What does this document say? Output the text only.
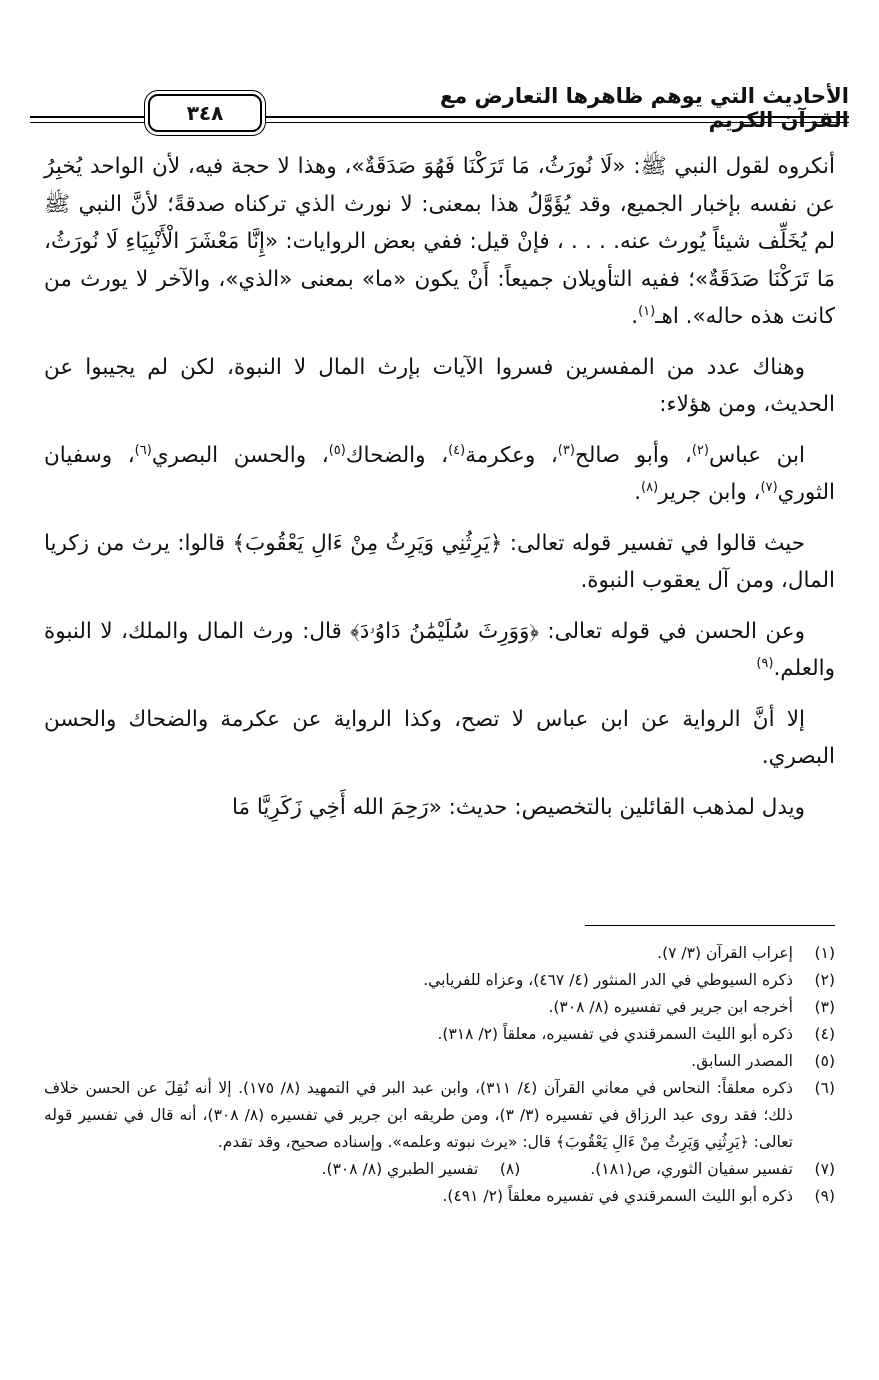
٣٤٨
الأحاديث التي يوهم ظاهرها التعارض مع القرآن الكريم

أنكروه لقول النبي ﷺ: «لَا نُورَثُ، مَا تَرَكْنَا فَهُوَ صَدَقَةٌ»، وهذا لا حجة فيه، لأن الواحد يُخبِرُ عن نفسه بإخبار الجميع، وقد يُؤَوَّلُ هذا بمعنى: لا نورث الذي تركناه صدقةً؛ لأنَّ النبي ﷺ لم يُخَلِّف شيئاً يُورث عنه. . . . ، فإنْ قيل: ففي بعض الروايات: «إِنَّا مَعْشَرَ الْأَنْبِيَاءِ لَا نُورَثُ، مَا تَرَكْنَا صَدَقَةٌ»؛ ففيه التأويلان جميعاً: أَنْ يكون «ما» بمعنى «الذي»، والآخر لا يورث من كانت هذه حاله». اهـ$^{(١)}$.

وهناك عدد من المفسرين فسروا الآيات بإرث المال لا النبوة، لكن لم يجيبوا عن الحديث، ومن هؤلاء:

ابن عباس$^{(٢)}$، وأبو صالح$^{(٣)}$، وعكرمة$^{(٤)}$، والضحاك$^{(٥)}$، والحسن البصري$^{(٦)}$، وسفيان الثوري$^{(٧)}$، وابن جرير$^{(٨)}$.

حيث قالوا في تفسير قوله تعالى: ﴿يَرِثُنِي وَيَرِثُ مِنْ ءَالِ يَعْقُوبَ﴾ قالوا: يرث من زكريا المال، ومن آل يعقوب النبوة.

وعن الحسن في قوله تعالى: ﴿وَوَرِثَ سُلَيْمَٰنُ دَاوُۥدَ﴾ قال: ورث المال والملك، لا النبوة والعلم.$^{(٩)}$

إلا أنَّ الرواية عن ابن عباس لا تصح، وكذا الرواية عن عكرمة والضحاك والحسن البصري.

ويدل لمذهب القائلين بالتخصيص: حديث: «رَحِمَ الله أَخِي زَكَرِيَّا مَا

(١)
إعراب القرآن (٣/ ٧).
(٢)
ذكره السيوطي في الدر المنثور (٤/ ٤٦٧)، وعزاه للفريابي.
(٣)
أخرجه ابن جرير في تفسيره (٨/ ٣٠٨).
(٤)
ذكره أبو الليث السمرقندي في تفسيره، معلقاً (٢/ ٣١٨).
(٥)
المصدر السابق.
(٦)
ذكره معلقاً: النحاس في معاني القرآن (٤/ ٣١١)، وابن عبد البر في التمهيد (٨/ ١٧٥). إلا أنه نُقِلَ عن الحسن خلاف ذلك؛ فقد روى عبد الرزاق في تفسيره (٣/ ٣)، ومن طريقه ابن جرير في تفسيره (٨/ ٣٠٨)، أنه قال في تفسير قوله تعالى: ﴿يَرِثُنِي وَيَرِثُ مِنْ ءَالِ يَعْقُوبَ﴾ قال: «يرث نبوته وعلمه». وإسناده صحيح، وقد تقدم.
(٧)
تفسير سفيان الثوري، ص(١٨١).
(٨)
تفسير الطبري (٨/ ٣٠٨).
(٩)
ذكره أبو الليث السمرقندي في تفسيره معلقاً (٢/ ٤٩١).
